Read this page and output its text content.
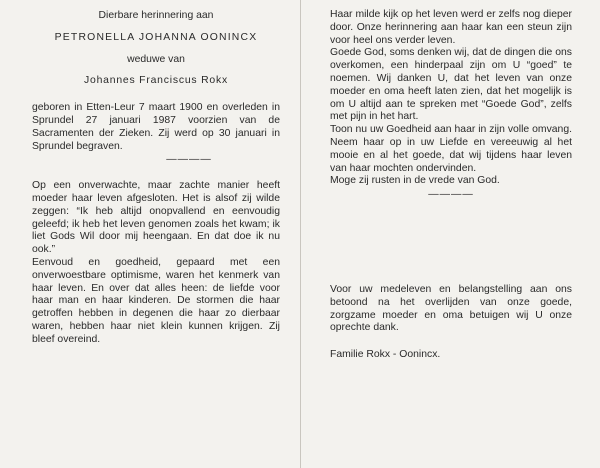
Dierbare herinnering aan

PETRONELLA JOHANNA OONINCX

weduwe van

Johannes Franciscus Rokx

geboren in Etten-Leur 7 maart 1900 en overleden in Sprundel 27 januari 1987 voorzien van de Sacramenten der Zieken. Zij werd op 30 januari in Sprundel begraven.

————

Op een onverwachte, maar zachte manier heeft moeder haar leven afgesloten. Het is alsof zij wilde zeggen: “Ik heb altijd onopvallend en eenvoudig geleefd; ik heb het leven genomen zoals het kwam; ik liet Gods Wil door mij heengaan. En dat doe ik nu ook.”

Eenvoud en goedheid, gepaard met een onverwoestbare optimisme, waren het kenmerk van haar leven. En over dat alles heen: de liefde voor haar man en haar kinderen. De stormen die haar getroffen hebben in degenen die haar zo dierbaar waren, hebben haar niet klein kunnen krijgen. Zij bleef overeind.

Haar milde kijk op het leven werd er zelfs nog dieper door. Onze herinnering aan haar kan een steun zijn voor heel ons verder leven.

Goede God, soms denken wij, dat de dingen die ons overkomen, een hinderpaal zijn om U “goed” te noemen. Wij danken U, dat het leven van onze moeder en oma heeft laten zien, dat het mogelijk is om U altijd aan te spreken met “Goede God”, zelfs met pijn in het hart.

Toon nu uw Goedheid aan haar in zijn volle omvang. Neem haar op in uw Liefde en vereeuwig al het mooie en al het goede, dat wij tijdens haar leven van haar mochten ondervinden.

Moge zij rusten in de vrede van God.

————

Voor uw medeleven en belangstelling aan ons betoond na het overlijden van onze goede, zorgzame moeder en oma betuigen wij U onze oprechte dank.

Familie Rokx - Oonincx.
